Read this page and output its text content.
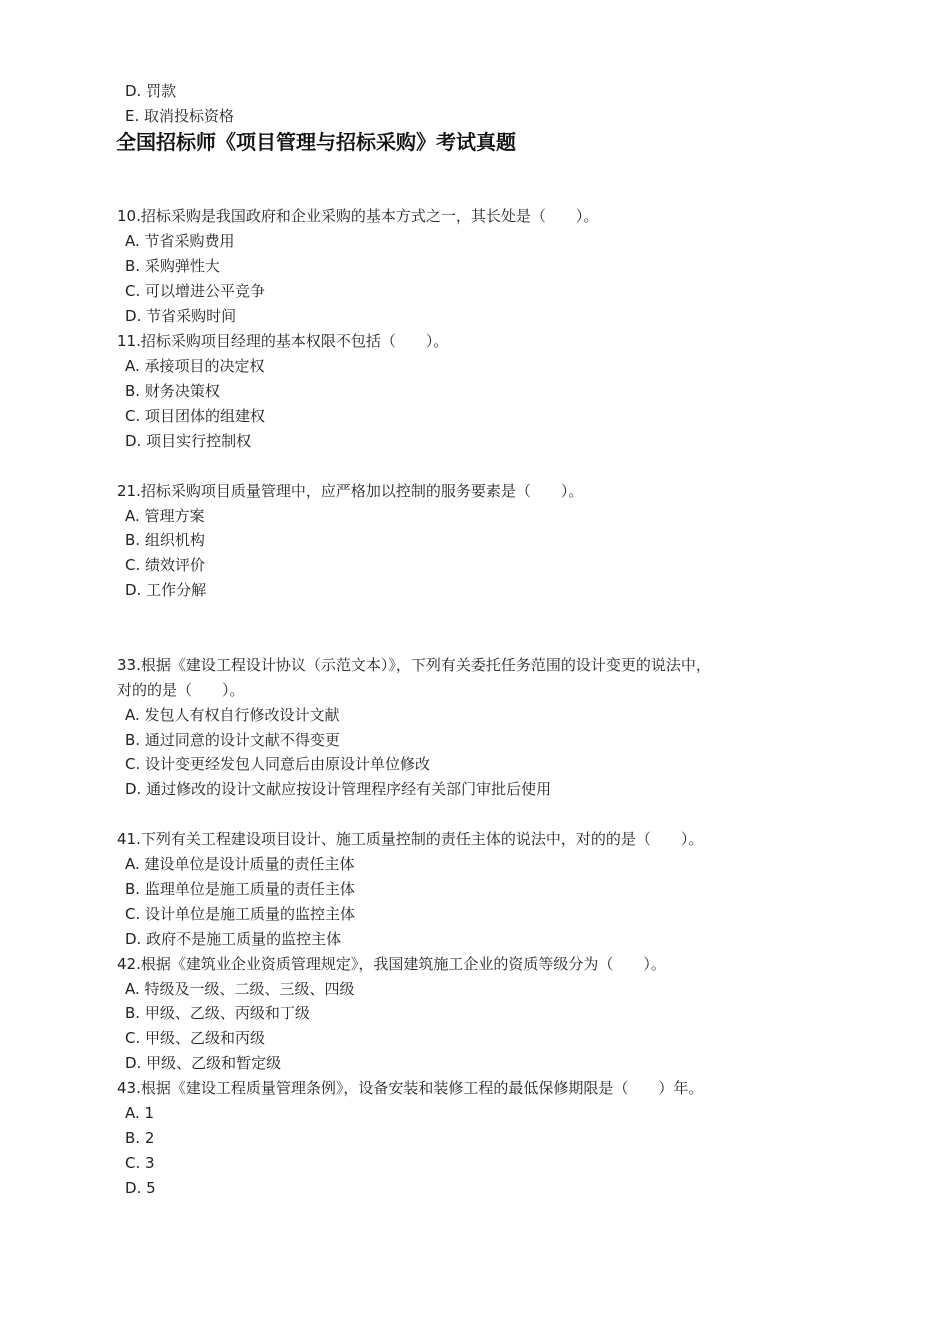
D. 罚款
E. 取消投标资格
全国招标师《项目管理与招标采购》考试真题
10.招标采购是我国政府和企业采购的基本方式之一，其长处是（　　）。
A. 节省采购费用
B. 采购弹性大
C. 可以增进公平竞争
D. 节省采购时间
11.招标采购项目经理的基本权限不包括（　　）。
A. 承接项目的决定权
B. 财务决策权
C. 项目团体的组建权
D. 项目实行控制权
21.招标采购项目质量管理中，应严格加以控制的服务要素是（　　）。
A. 管理方案
B. 组织机构
C. 绩效评价
D. 工作分解
33.根据《建设工程设计协议（示范文本）》，下列有关委托任务范围的设计变更的说法中，
对的的是（　　）。
A. 发包人有权自行修改设计文献
B. 通过同意的设计文献不得变更
C. 设计变更经发包人同意后由原设计单位修改
D. 通过修改的设计文献应按设计管理程序经有关部门审批后使用
41.下列有关工程建设项目设计、施工质量控制的责任主体的说法中，对的的是（　　）。
A. 建设单位是设计质量的责任主体
B. 监理单位是施工质量的责任主体
C. 设计单位是施工质量的监控主体
D. 政府不是施工质量的监控主体
42.根据《建筑业企业资质管理规定》，我国建筑施工企业的资质等级分为（　　）。
A. 特级及一级、二级、三级、四级
B. 甲级、乙级、丙级和丁级
C. 甲级、乙级和丙级
D. 甲级、乙级和暂定级
43.根据《建设工程质量管理条例》，设备安装和装修工程的最低保修期限是（　　）年。
A. 1
B. 2
C. 3
D. 5
